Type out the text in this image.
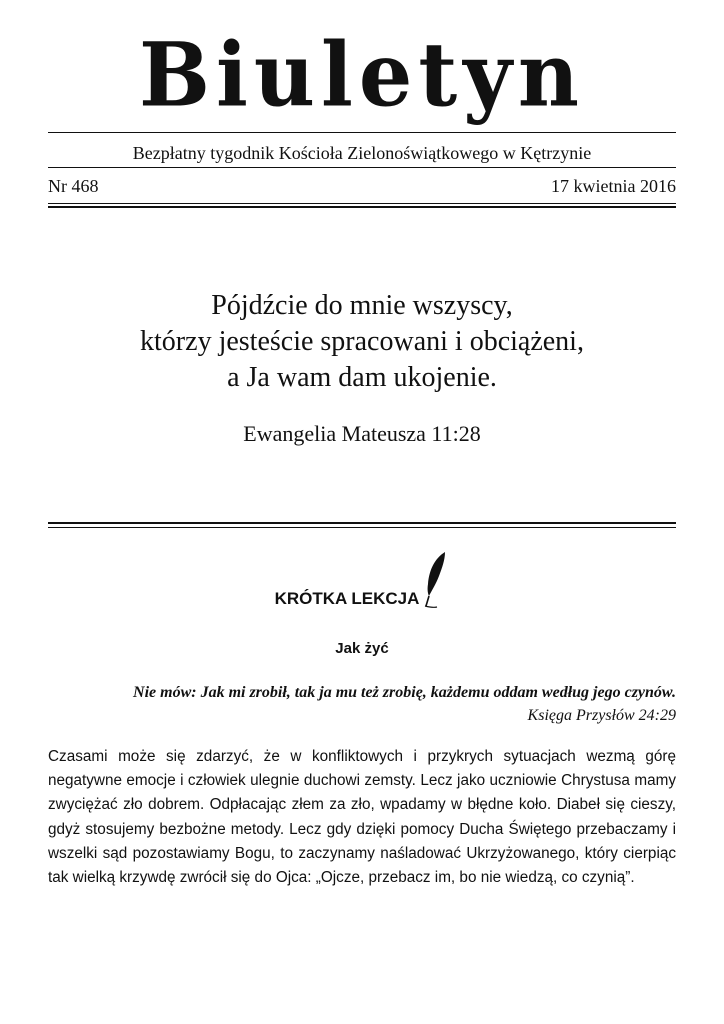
Biuletyn
Bezpłatny tygodnik Kościoła Zielonoświątkowego w Kętrzynie
Nr 468	17 kwietnia 2016
Pójdźcie do mnie wszyscy,
którzy jesteście spracowani i obciążeni,
a Ja wam dam ukojenie.
Ewangelia Mateusza 11:28
KRÓTKA LEKCJA
Jak żyć
Nie mów: Jak mi zrobił, tak ja mu też zrobię, każdemu oddam według jego czynów.
Księga Przysłów 24:29
Czasami może się zdarzyć, że w konfliktowych i przykrych sytuacjach wezmą górę negatywne emocje i człowiek ulegnie duchowi zemsty. Lecz jako uczniowie Chrystusa mamy zwyciężać zło dobrem. Odpłacając złem za zło, wpadamy w błędne koło. Diabeł się cieszy, gdyż stosujemy bezbożne metody. Lecz gdy dzięki pomocy Ducha Świętego przebaczamy i wszelki sąd pozostawiamy Bogu, to zaczynamy naśladować Ukrzyżowanego, który cierpiąc tak wielką krzywdę zwrócił się do Ojca: „Ojcze, przebacz im, bo nie wiedzą, co czynią”.
